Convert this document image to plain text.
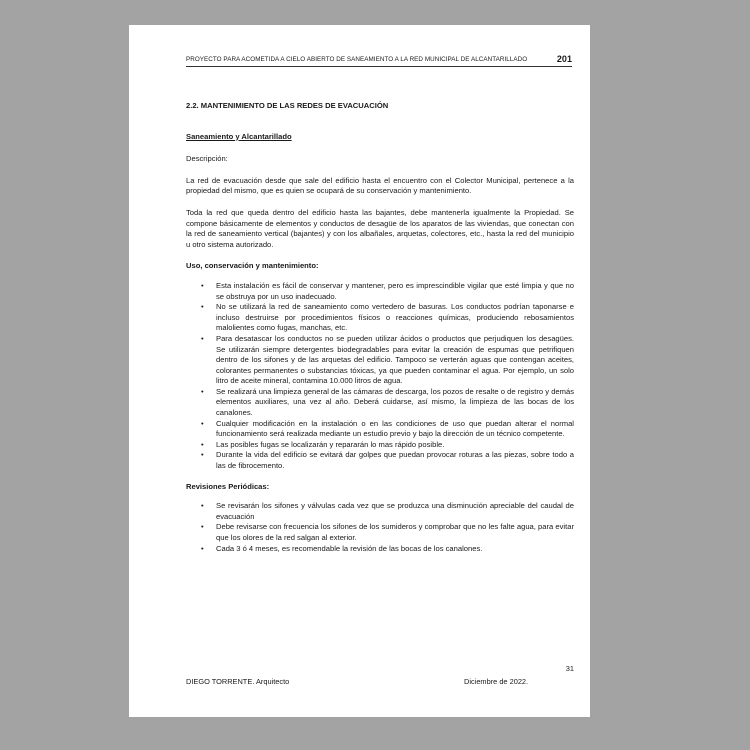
PROYECTO PARA ACOMETIDA A CIELO ABIERTO DE SANEAMIENTO A LA RED MUNICIPAL DE ALCANTARILLADO	201

2.2. MANTENIMIENTO DE LAS REDES DE EVACUACIÓN

Saneamiento y Alcantarillado

Descripción:

La red de evacuación desde que sale del edificio hasta el encuentro con el Colector Municipal, pertenece a la propiedad del mismo, que es quien se ocupará de su conservación y mantenimiento.

Toda la red que queda dentro del edificio hasta las bajantes, debe mantenerla igualmente la Propiedad. Se compone básicamente de elementos y conductos de desagüe de los aparatos de las viviendas, que conectan con la red de saneamiento vertical (bajantes) y con los albañales, arquetas, colectores, etc., hasta la red del municipio u otro sistema autorizado.

Uso, conservación y mantenimiento:

• Esta instalación es fácil de conservar y mantener, pero es imprescindible vigilar que esté limpia y que no se obstruya por un uso inadecuado.
• No se utilizará la red de saneamiento como vertedero de basuras. Los conductos podrían taponarse e incluso destruirse por procedimientos físicos o reacciones químicas, produciendo rebosamientos malolientes como fugas, manchas, etc.
• Para desatascar los conductos no se pueden utilizar ácidos o productos que perjudiquen los desagües. Se utilizarán siempre detergentes biodegradables para evitar la creación de espumas que petrifiquen dentro de los sifones y de las arquetas del edificio. Tampoco se verterán aguas que contengan aceites, colorantes permanentes o substancias tóxicas, ya que pueden contaminar el agua. Por ejemplo, un solo litro de aceite mineral, contamina 10.000 litros de agua.
• Se realizará una limpieza general de las cámaras de descarga, los pozos de resalte o de registro y demás elementos auxiliares, una vez al año. Deberá cuidarse, así mismo, la limpieza de las bocas de los canalones.
• Cualquier modificación en la instalación o en las condiciones de uso que puedan alterar el normal funcionamiento será realizada mediante un estudio previo y bajo la dirección de un técnico competente.
• Las posibles fugas se localizarán y repararán lo mas rápido posible.
• Durante la vida del edificio se evitará dar golpes que puedan provocar roturas a las piezas, sobre todo a las de fibrocemento.

Revisiones Periódicas:

• Se revisarán los sifones y válvulas cada vez que se produzca una disminución apreciable del caudal de evacuación
• Debe revisarse con frecuencia los sifones de los sumideros y comprobar que no les falte agua, para evitar que los olores de la red salgan al exterior.
• Cada 3 ó 4 meses, es recomendable la revisión de las bocas de los canalones.
31
DIEGO TORRENTE. Arquitecto	Diciembre de 2022.
